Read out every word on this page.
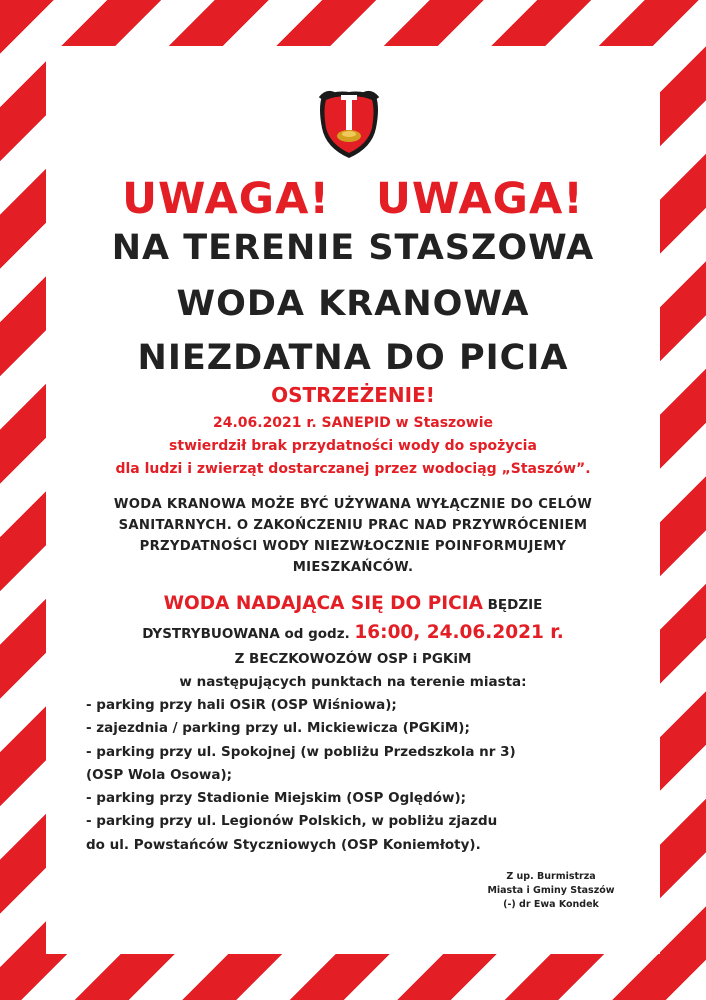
UWAGA! UWAGA!
NA TERENIE STASZOWA
WODA KRANOWA
NIEZDATNA DO PICIA
OSTRZEŻENIE!
24.06.2021 r. SANEPID w Staszowie
stwierdził brak przydatności wody do spożycia
dla ludzi i zwierząt dostarczanej przez wodociąg „Staszów”.
WODA KRANOWA MOŻE BYĆ UŻYWANA WYŁĄCZNIE DO CELÓW
SANITARNYCH. O ZAKOŃCZENIU PRAC NAD PRZYWRÓCENIEM
PRZYDATNOŚCI WODY NIEZWŁOCZNIE POINFORMUJEMY
MIESZKAŃCÓW.
WODA NADAJĄCA SIĘ DO PICIA BĘDZIE
DYSTRYBUOWANA od godz. 16:00, 24.06.2021 r.
Z BECZKOWOZÓW OSP i PGKiM
w następujących punktach na terenie miasta:
- parking przy hali OSiR (OSP Wiśniowa);
- zajezdnia / parking przy ul. Mickiewicza (PGKiM);
- parking przy ul. Spokojnej (w pobliżu Przedszkola nr 3)
(OSP Wola Osowa);
- parking przy Stadionie Miejskim (OSP Oględów);
- parking przy ul. Legionów Polskich, w pobliżu zjazdu
do ul. Powstańców Styczniowych (OSP Koniemłoty).
Z up. Burmistrza
Miasta i Gminy Staszów
(-) dr Ewa Kondek
